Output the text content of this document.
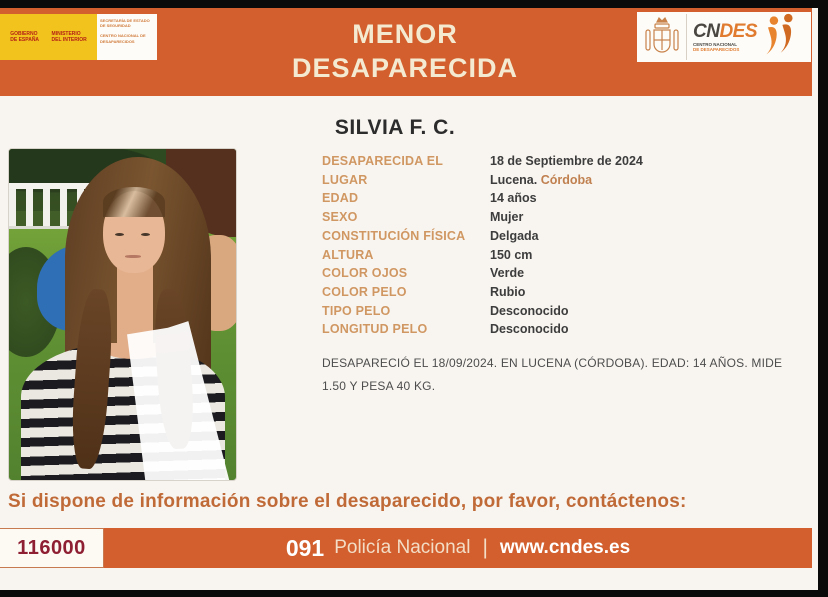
MENOR
DESAPARECIDA
GOBIERNO
DE ESPAÑA
MINISTERIO
DEL INTERIOR
SECRETARÍA DE ESTADO DE SEGURIDAD
CENTRO NACIONAL DE DESAPARECIDOS	CNDES
CENTRO NACIONAL
DE DESAPARECIDOS
SILVIA F. C.
DESAPARECIDA EL	18 de Septiembre de 2024
LUGAR	Lucena. Córdoba
EDAD	14 años
SEXO	Mujer
CONSTITUCIÓN FÍSICA	Delgada
ALTURA	150 cm
COLOR OJOS	Verde
COLOR PELO	Rubio
TIPO PELO	Desconocido
LONGITUD PELO	Desconocido
DESAPARECIÓ EL 18/09/2024. EN LUCENA (CÓRDOBA). EDAD: 14 AÑOS. MIDE 1.50 Y PESA 40 KG.
Si dispone de información sobre el desaparecido, por favor, contáctenos:
116000	091 Policía Nacional | www.cndes.es
